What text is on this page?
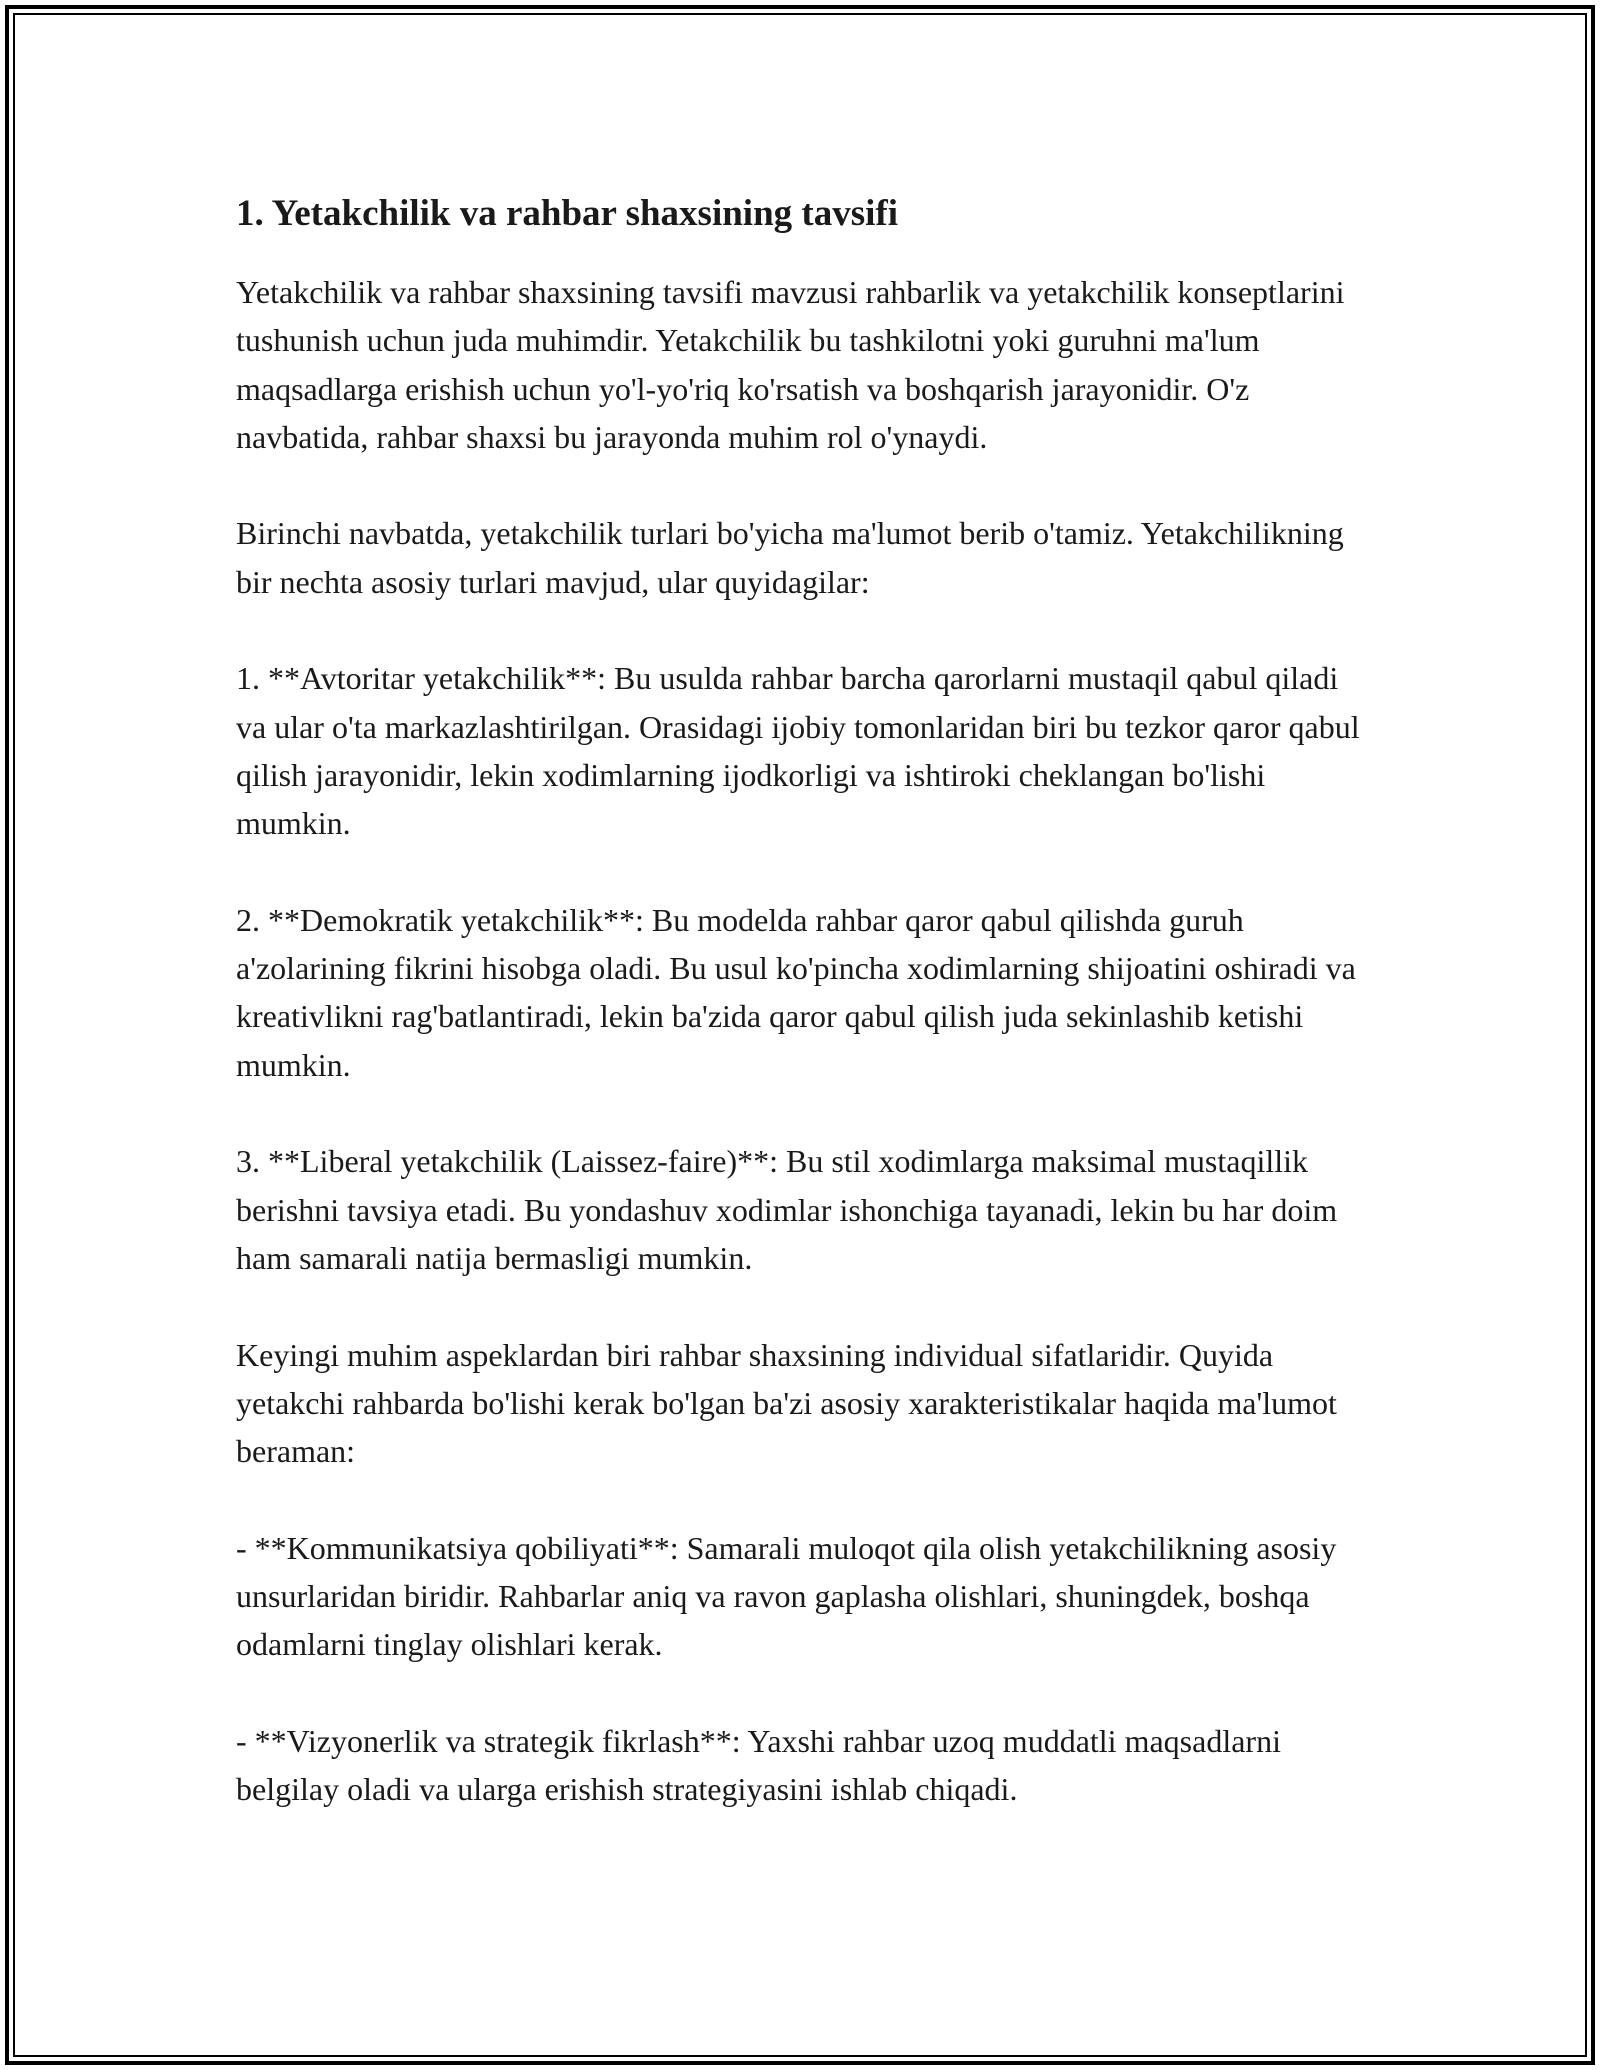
1. Yetakchilik va rahbar shaxsining tavsifi

Yetakchilik va rahbar shaxsining tavsifi mavzusi rahbarlik va yetakchilik konseptlarini tushunish uchun juda muhimdir. Yetakchilik bu tashkilotni yoki guruhni ma'lum maqsadlarga erishish uchun yo'l-yo'riq ko'rsatish va boshqarish jarayonidir. O'z navbatida, rahbar shaxsi bu jarayonda muhim rol o'ynaydi.

Birinchi navbatda, yetakchilik turlari bo'yicha ma'lumot berib o'tamiz. Yetakchilikning bir nechta asosiy turlari mavjud, ular quyidagilar:

1. **Avtoritar yetakchilik**: Bu usulda rahbar barcha qarorlarni mustaqil qabul qiladi va ular o'ta markazlashtirilgan. Orasidagi ijobiy tomonlaridan biri bu tezkor qaror qabul qilish jarayonidir, lekin xodimlarning ijodkorligi va ishtiroki cheklangan bo'lishi mumkin.

2. **Demokratik yetakchilik**: Bu modelda rahbar qaror qabul qilishda guruh a'zolarining fikrini hisobga oladi. Bu usul ko'pincha xodimlarning shijoatini oshiradi va kreativlikni rag'batlantiradi, lekin ba'zida qaror qabul qilish juda sekinlashib ketishi mumkin.

3. **Liberal yetakchilik (Laissez-faire)**: Bu stil xodimlarga maksimal mustaqillik berishni tavsiya etadi. Bu yondashuv xodimlar ishonchiga tayanadi, lekin bu har doim ham samarali natija bermasligi mumkin.

Keyingi muhim aspeklardan biri rahbar shaxsining individual sifatlaridir. Quyida yetakchi rahbarda bo'lishi kerak bo'lgan ba'zi asosiy xarakteristikalar haqida ma'lumot beraman:

- **Kommunikatsiya qobiliyati**: Samarali muloqot qila olish yetakchilikning asosiy unsurlaridan biridir. Rahbarlar aniq va ravon gaplasha olishlari, shuningdek, boshqa odamlarni tinglay olishlari kerak.

- **Vizyonerlik va strategik fikrlash**: Yaxshi rahbar uzoq muddatli maqsadlarni belgilay oladi va ularga erishish strategiyasini ishlab chiqadi.
